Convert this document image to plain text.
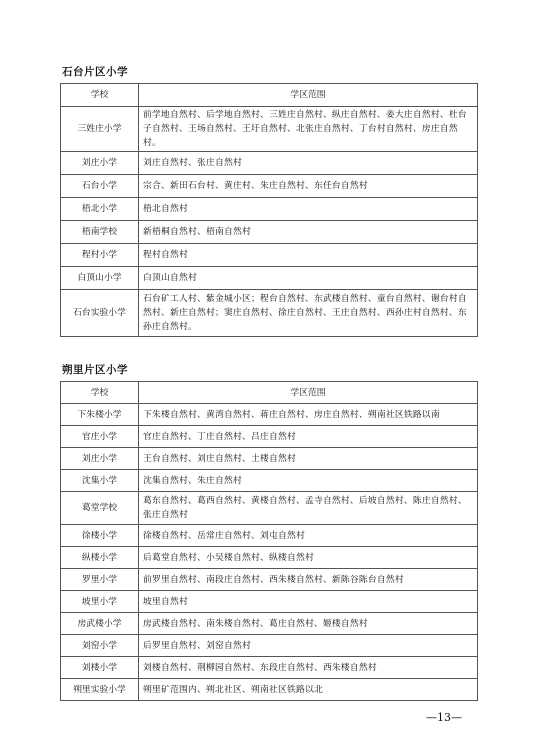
石台片区小学
学校	学区范围
三姓庄小学	前学地自然村、后学地自然村、三姓庄自然村、纵庄自然村、姜大庄自然村、杜台子自然村、王场自然村、王圩自然村、北张庄自然村、丁台村自然村、房庄自然村。
刘庄小学	刘庄自然村、张庄自然村
石台小学	宗合、新田石台村、黄庄村、朱庄自然村、东任台自然村
梧北小学	梧北自然村
梧南学校	新梧桐自然村、梧南自然村
程村小学	程村自然村
白顶山小学	白顶山自然村
石台实验小学	石台矿工人村、紫金城小区；程台自然村、东武楼自然村、童台自然村、谢台村自然村、新庄自然村；窦庄自然村、徐庄自然村、王庄自然村、西孙庄村自然村、东孙庄自然村。
朔里片区小学
学校	学区范围
下朱楼小学	下朱楼自然村、黄湾自然村、蒋庄自然村、房庄自然村、朔南社区铁路以南
官庄小学	官庄自然村、丁庄自然村、吕庄自然村
刘庄小学	王台自然村、刘庄自然村、土楼自然村
沈集小学	沈集自然村、朱庄自然村
葛堂学校	葛东自然村、葛西自然村、黄楼自然村、孟寺自然村、后坡自然村、陈庄自然村、张庄自然村
徐楼小学	徐楼自然村、岳常庄自然村、刘屯自然村
纵楼小学	后葛堂自然村、小吴楼自然村、纵楼自然村
罗里小学	前罗里自然村、南段庄自然村、西朱楼自然村、新陈谷陈台自然村
坡里小学	坡里自然村
房武楼小学	房武楼自然村、南朱楼自然村、葛庄自然村、姬楼自然村
刘窑小学	后罗里自然村、刘窑自然村
刘楼小学	刘楼自然村、荆柳园自然村、东段庄自然村、西朱楼自然村
朔里实验小学	朔里矿范围内、朔北社区、朔南社区铁路以北
—13—
